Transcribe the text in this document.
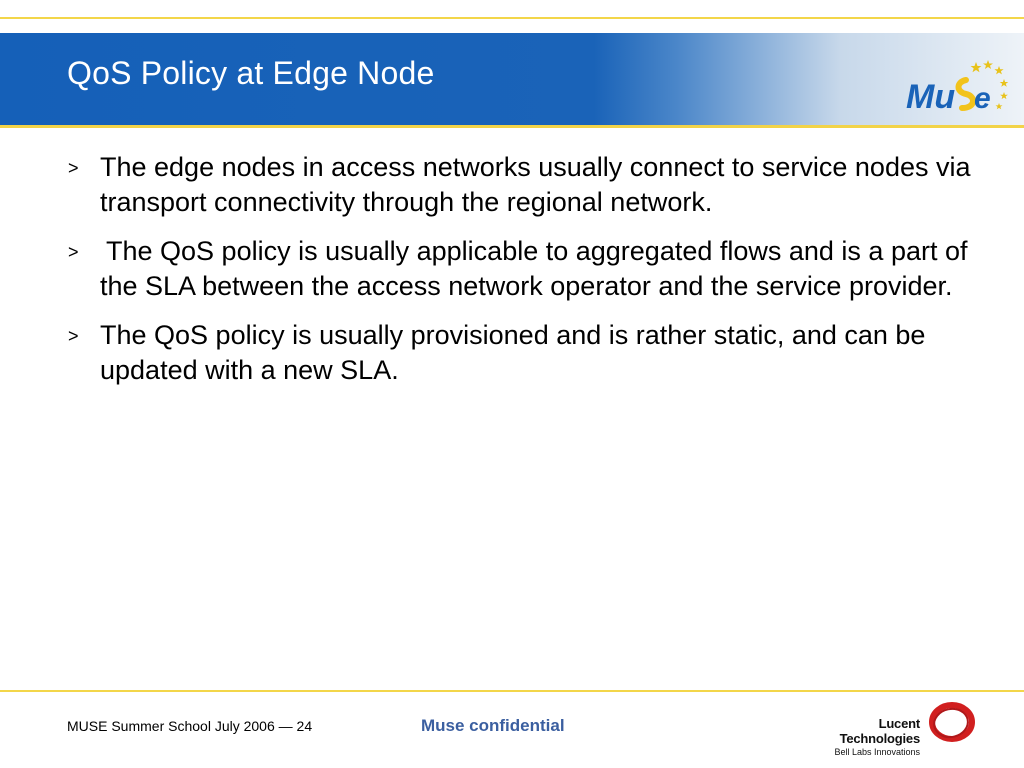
QoS Policy at Edge Node
Mu e
> The edge nodes in access networks usually connect to service nodes via transport connectivity through the regional network.
> The QoS policy is usually applicable to aggregated flows and is a part of the SLA between the access network operator and the service provider.
> The QoS policy is usually provisioned and is rather static, and can be updated with a new SLA.
MUSE Summer School July 2006 — 24	Muse confidential	Lucent Technologies
Bell Labs Innovations
